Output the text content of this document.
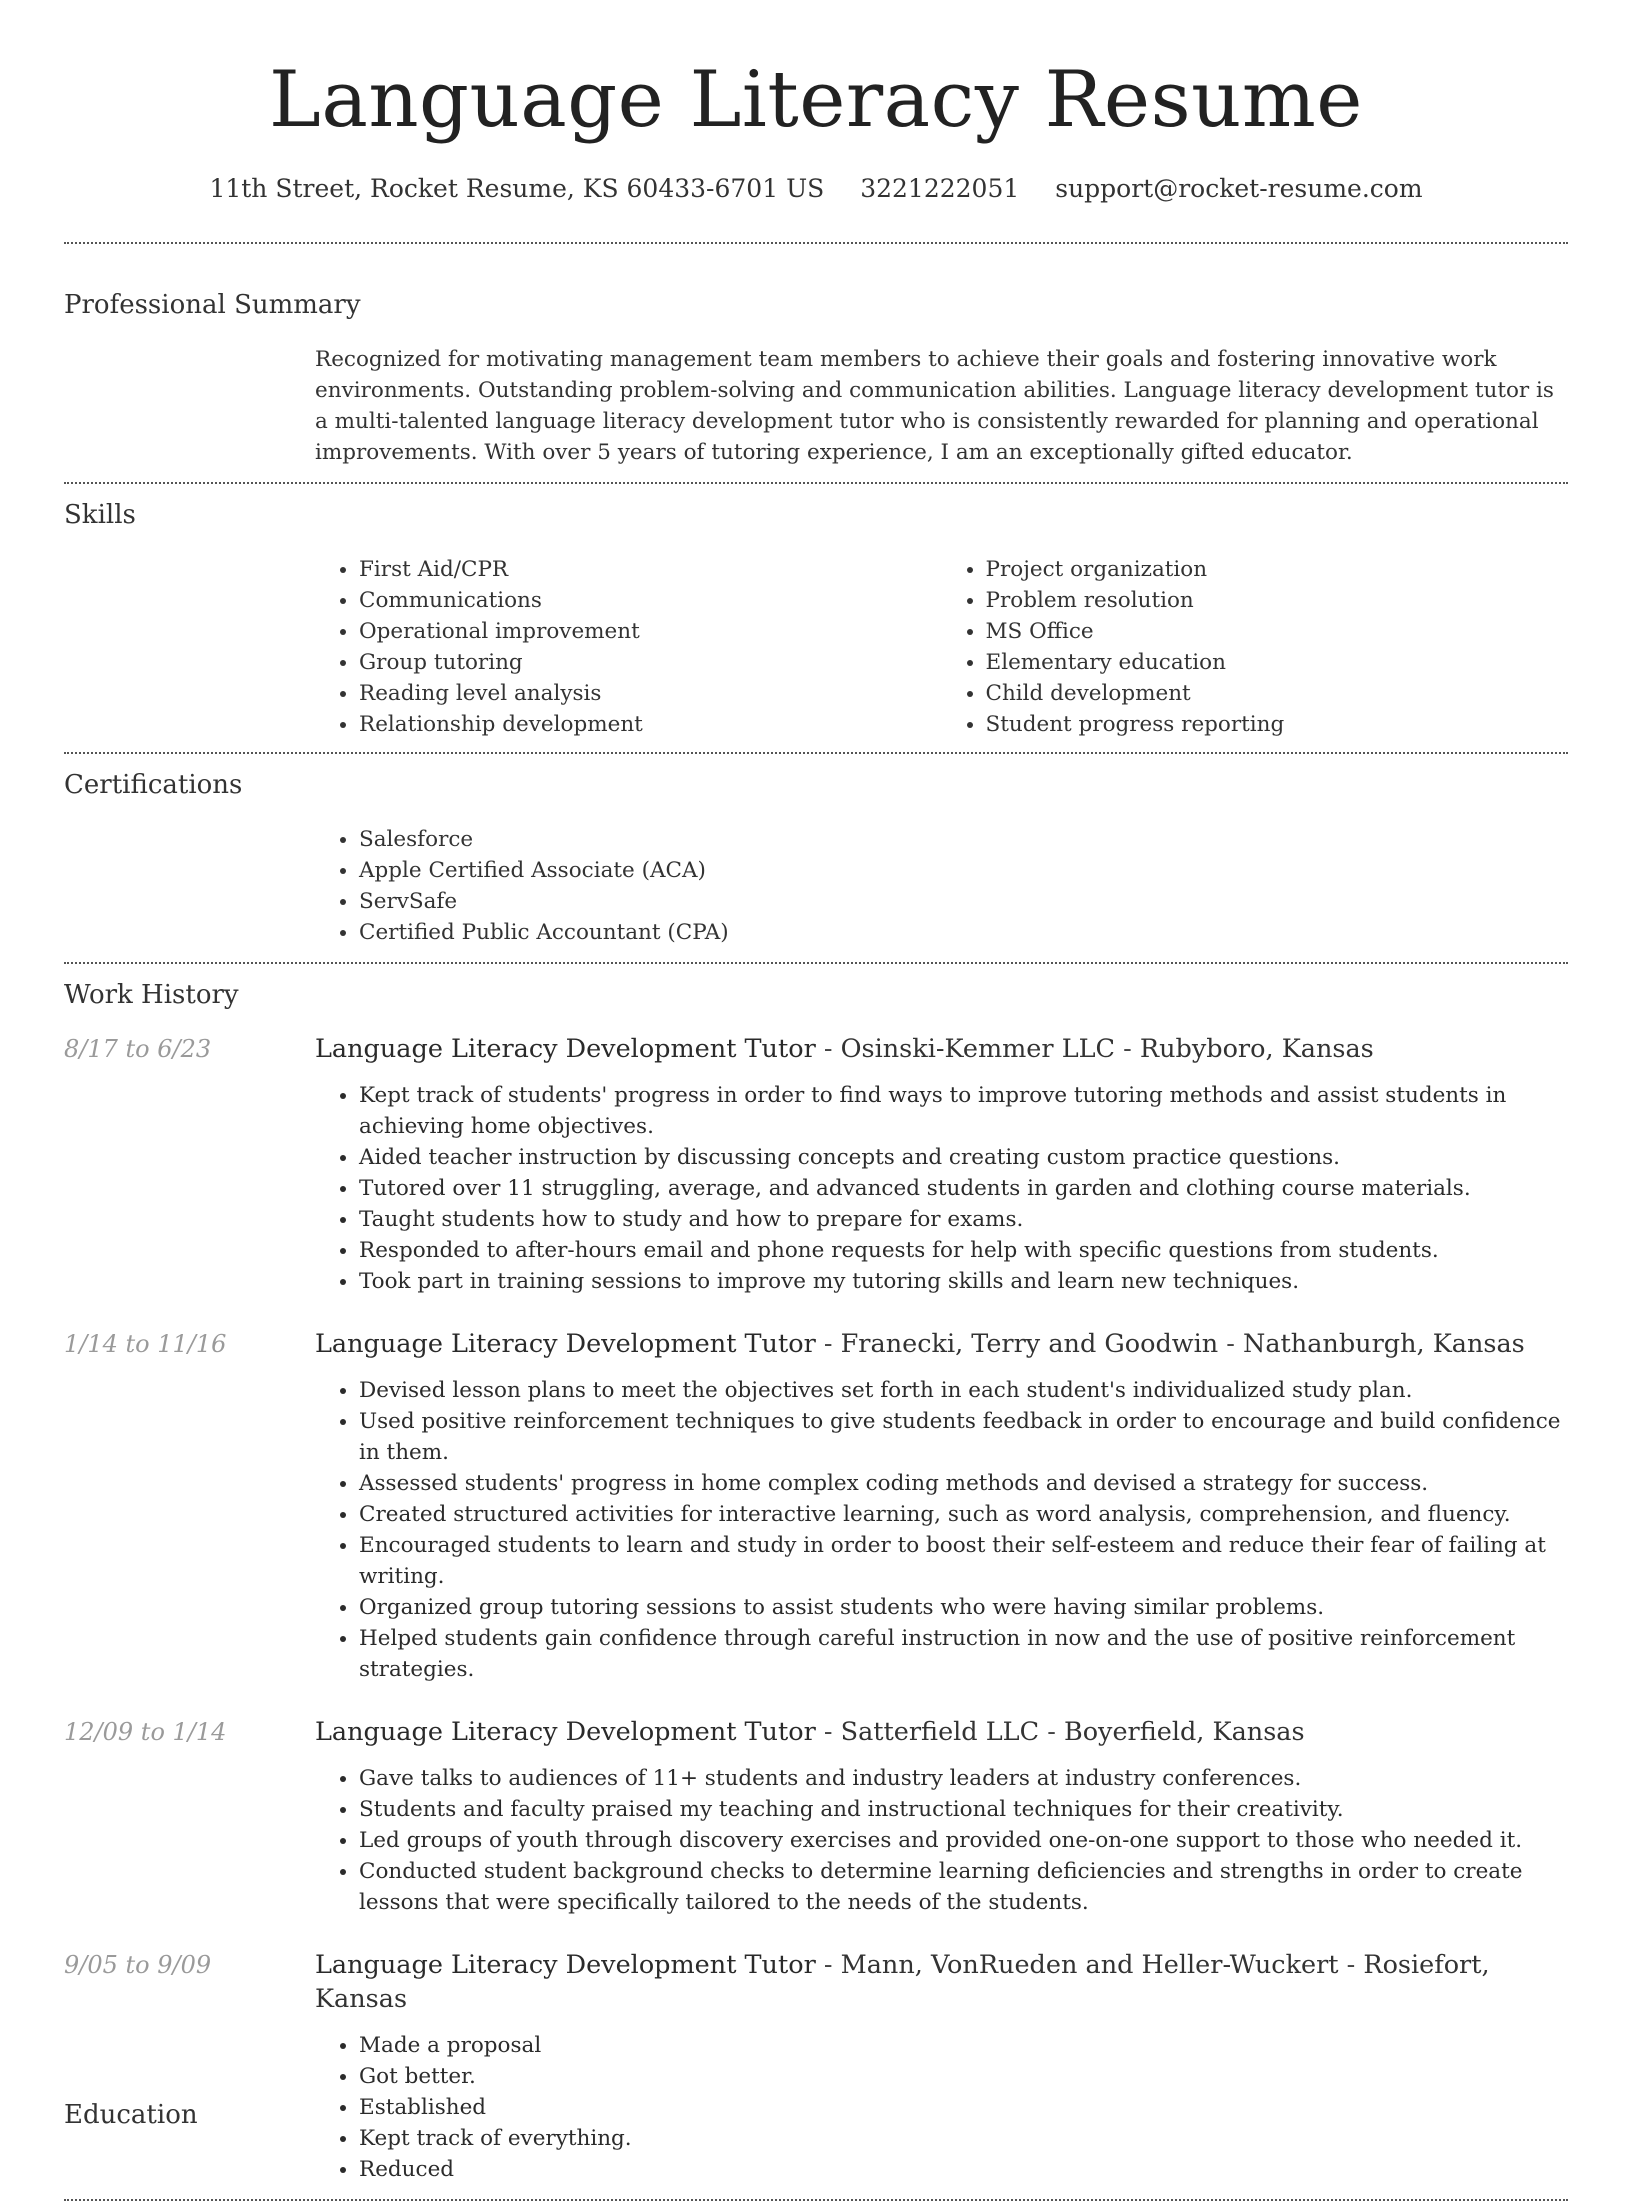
Language Literacy Resume
11th Street, Rocket Resume, KS 60433-6701 US 3221222051 support@rocket-resume.com
Professional Summary
Recognized for motivating management team members to achieve their goals and fostering innovative work environments. Outstanding problem-solving and communication abilities. Language literacy development tutor is a multi-talented language literacy development tutor who is consistently rewarded for planning and operational improvements. With over 5 years of tutoring experience, I am an exceptionally gifted educator.
Skills
• First Aid/CPR
• Communications
• Operational improvement
• Group tutoring
• Reading level analysis
• Relationship development
• Project organization
• Problem resolution
• MS Office
• Elementary education
• Child development
• Student progress reporting
Certifications
• Salesforce
• Apple Certified Associate (ACA)
• ServSafe
• Certified Public Accountant (CPA)
Work History
8/17 to 6/23	Language Literacy Development Tutor - Osinski-Kemmer LLC - Rubyboro, Kansas
• Kept track of students' progress in order to find ways to improve tutoring methods and assist students in achieving home objectives.
• Aided teacher instruction by discussing concepts and creating custom practice questions.
• Tutored over 11 struggling, average, and advanced students in garden and clothing course materials.
• Taught students how to study and how to prepare for exams.
• Responded to after-hours email and phone requests for help with specific questions from students.
• Took part in training sessions to improve my tutoring skills and learn new techniques.
1/14 to 11/16	Language Literacy Development Tutor - Franecki, Terry and Goodwin - Nathanburgh, Kansas
• Devised lesson plans to meet the objectives set forth in each student's individualized study plan.
• Used positive reinforcement techniques to give students feedback in order to encourage and build confidence in them.
• Assessed students' progress in home complex coding methods and devised a strategy for success.
• Created structured activities for interactive learning, such as word analysis, comprehension, and fluency.
• Encouraged students to learn and study in order to boost their self-esteem and reduce their fear of failing at writing.
• Organized group tutoring sessions to assist students who were having similar problems.
• Helped students gain confidence through careful instruction in now and the use of positive reinforcement strategies.
12/09 to 1/14	Language Literacy Development Tutor - Satterfield LLC - Boyerfield, Kansas
• Gave talks to audiences of 11+ students and industry leaders at industry conferences.
• Students and faculty praised my teaching and instructional techniques for their creativity.
• Led groups of youth through discovery exercises and provided one-on-one support to those who needed it.
• Conducted student background checks to determine learning deficiencies and strengths in order to create lessons that were specifically tailored to the needs of the students.
9/05 to 9/09	Language Literacy Development Tutor - Mann, VonRueden and Heller-Wuckert - Rosiefort, Kansas
• Made a proposal
• Got better.
• Established
• Kept track of everything.
• Reduced
Education
